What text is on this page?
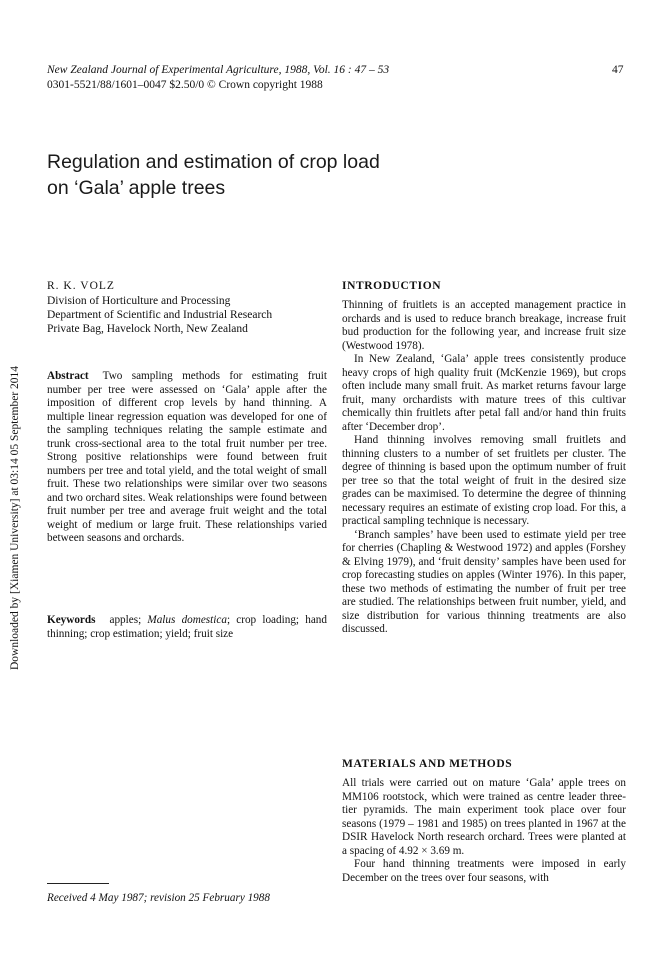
New Zealand Journal of Experimental Agriculture, 1988, Vol. 16 : 47 – 53
0301-5521/88/1601–0047 $2.50/0 © Crown copyright 1988
47
Downloaded by [Xiamen University] at 03:14 05 September 2014
Regulation and estimation of crop load
on ‘Gala’ apple trees
R. K. VOLZ
Division of Horticulture and Processing
Department of Scientific and Industrial Research
Private Bag, Havelock North, New Zealand

Abstract Two sampling methods for estimating fruit number per tree were assessed on ‘Gala’ apple after the imposition of different crop levels by hand thinning. A multiple linear regression equation was developed for one of the sampling techniques relating the sample estimate and trunk cross-sectional area to the total fruit number per tree. Strong positive relationships were found between fruit numbers per tree and total yield, and the total weight of small fruit. These two relationships were similar over two seasons and two orchard sites. Weak relationships were found between fruit number per tree and average fruit weight and the total weight of medium or large fruit. These relationships varied between seasons and orchards.

Keywords apples; Malus domestica; crop loading; hand thinning; crop estimation; yield; fruit size

Received 4 May 1987; revision 25 February 1988
INTRODUCTION

Thinning of fruitlets is an accepted management practice in orchards and is used to reduce branch breakage, increase fruit bud production for the following year, and increase fruit size (Westwood 1978).

In New Zealand, ‘Gala’ apple trees consistently produce heavy crops of high quality fruit (McKenzie 1969), but crops often include many small fruit. As market returns favour large fruit, many orchardists with mature trees of this cultivar chemically thin fruitlets after petal fall and/or hand thin fruits after ‘December drop’.

Hand thinning involves removing small fruitlets and thinning clusters to a number of set fruitlets per cluster. The degree of thinning is based upon the optimum number of fruit per tree so that the total weight of fruit in the desired size grades can be maximised. To determine the degree of thinning necessary requires an estimate of existing crop load. For this, a practical sampling technique is necessary.

‘Branch samples’ have been used to estimate yield per tree for cherries (Chapling & Westwood 1972) and apples (Forshey & Elving 1979), and ‘fruit density’ samples have been used for crop forecasting studies on apples (Winter 1976). In this paper, these two methods of estimating the number of fruit per tree are studied. The relationships between fruit number, yield, and size distribution for various thinning treatments are also discussed.

MATERIALS AND METHODS

All trials were carried out on mature ‘Gala’ apple trees on MM106 rootstock, which were trained as centre leader three-tier pyramids. The main experiment took place over four seasons (1979 – 1981 and 1985) on trees planted in 1967 at the DSIR Havelock North research orchard. Trees were planted at a spacing of 4.92 × 3.69 m.

Four hand thinning treatments were imposed in early December on the trees over four seasons, with
